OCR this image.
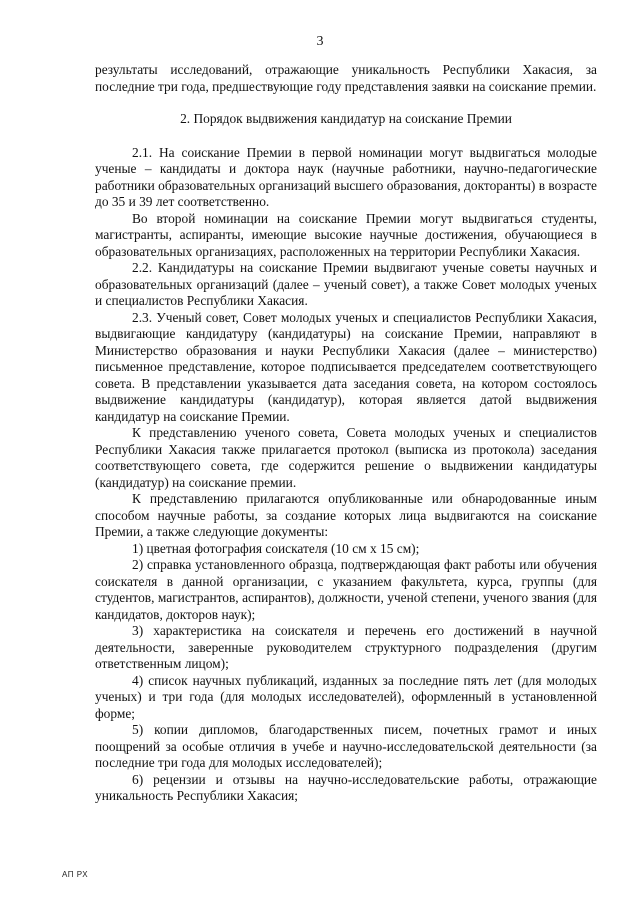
3

результаты исследований, отражающие уникальность Республики Хакасия, за последние три года, предшествующие году представления заявки на соискание премии.

2. Порядок выдвижения кандидатур на соискание Премии

2.1. На соискание Премии в первой номинации могут выдвигаться молодые ученые – кандидаты и доктора наук (научные работники, научно-педагогические работники образовательных организаций высшего образования, докторанты) в возрасте до 35 и 39 лет соответственно.

Во второй номинации на соискание Премии могут выдвигаться студенты, магистранты, аспиранты, имеющие высокие научные достижения, обучающиеся в образовательных организациях, расположенных на территории Республики Хакасия.

2.2. Кандидатуры на соискание Премии выдвигают ученые советы научных и образовательных организаций (далее – ученый совет), а также Совет молодых ученых и специалистов Республики Хакасия.

2.3. Ученый совет, Совет молодых ученых и специалистов Республики Хакасия, выдвигающие кандидатуру (кандидатуры) на соискание Премии, направляют в Министерство образования и науки Республики Хакасия (далее – министерство) письменное представление, которое подписывается председателем соответствующего совета. В представлении указывается дата заседания совета, на котором состоялось выдвижение кандидатуры (кандидатур), которая является датой выдвижения кандидатур на соискание Премии.

К представлению ученого совета, Совета молодых ученых и специалистов Республики Хакасия также прилагается протокол (выписка из протокола) заседания соответствующего совета, где содержится решение о выдвижении кандидатуры (кандидатур) на соискание премии.

К представлению прилагаются опубликованные или обнародованные иным способом научные работы, за создание которых лица выдвигаются на соискание Премии, а также следующие документы:

1) цветная фотография соискателя (10 см х 15 см);

2) справка установленного образца, подтверждающая факт работы или обучения соискателя в данной организации, с указанием факультета, курса, группы (для студентов, магистрантов, аспирантов), должности, ученой степени, ученого звания (для кандидатов, докторов наук);

3) характеристика на соискателя и перечень его достижений в научной деятельности, заверенные руководителем структурного подразделения (другим ответственным лицом);

4) список научных публикаций, изданных за последние пять лет (для молодых ученых) и три года (для молодых исследователей), оформленный в установленной форме;

5) копии дипломов, благодарственных писем, почетных грамот и иных поощрений за особые отличия в учебе и научно-исследовательской деятельности (за последние три года для молодых исследователей);

6) рецензии и отзывы на научно-исследовательские работы, отражающие уникальность Республики Хакасия;

АП РХ
